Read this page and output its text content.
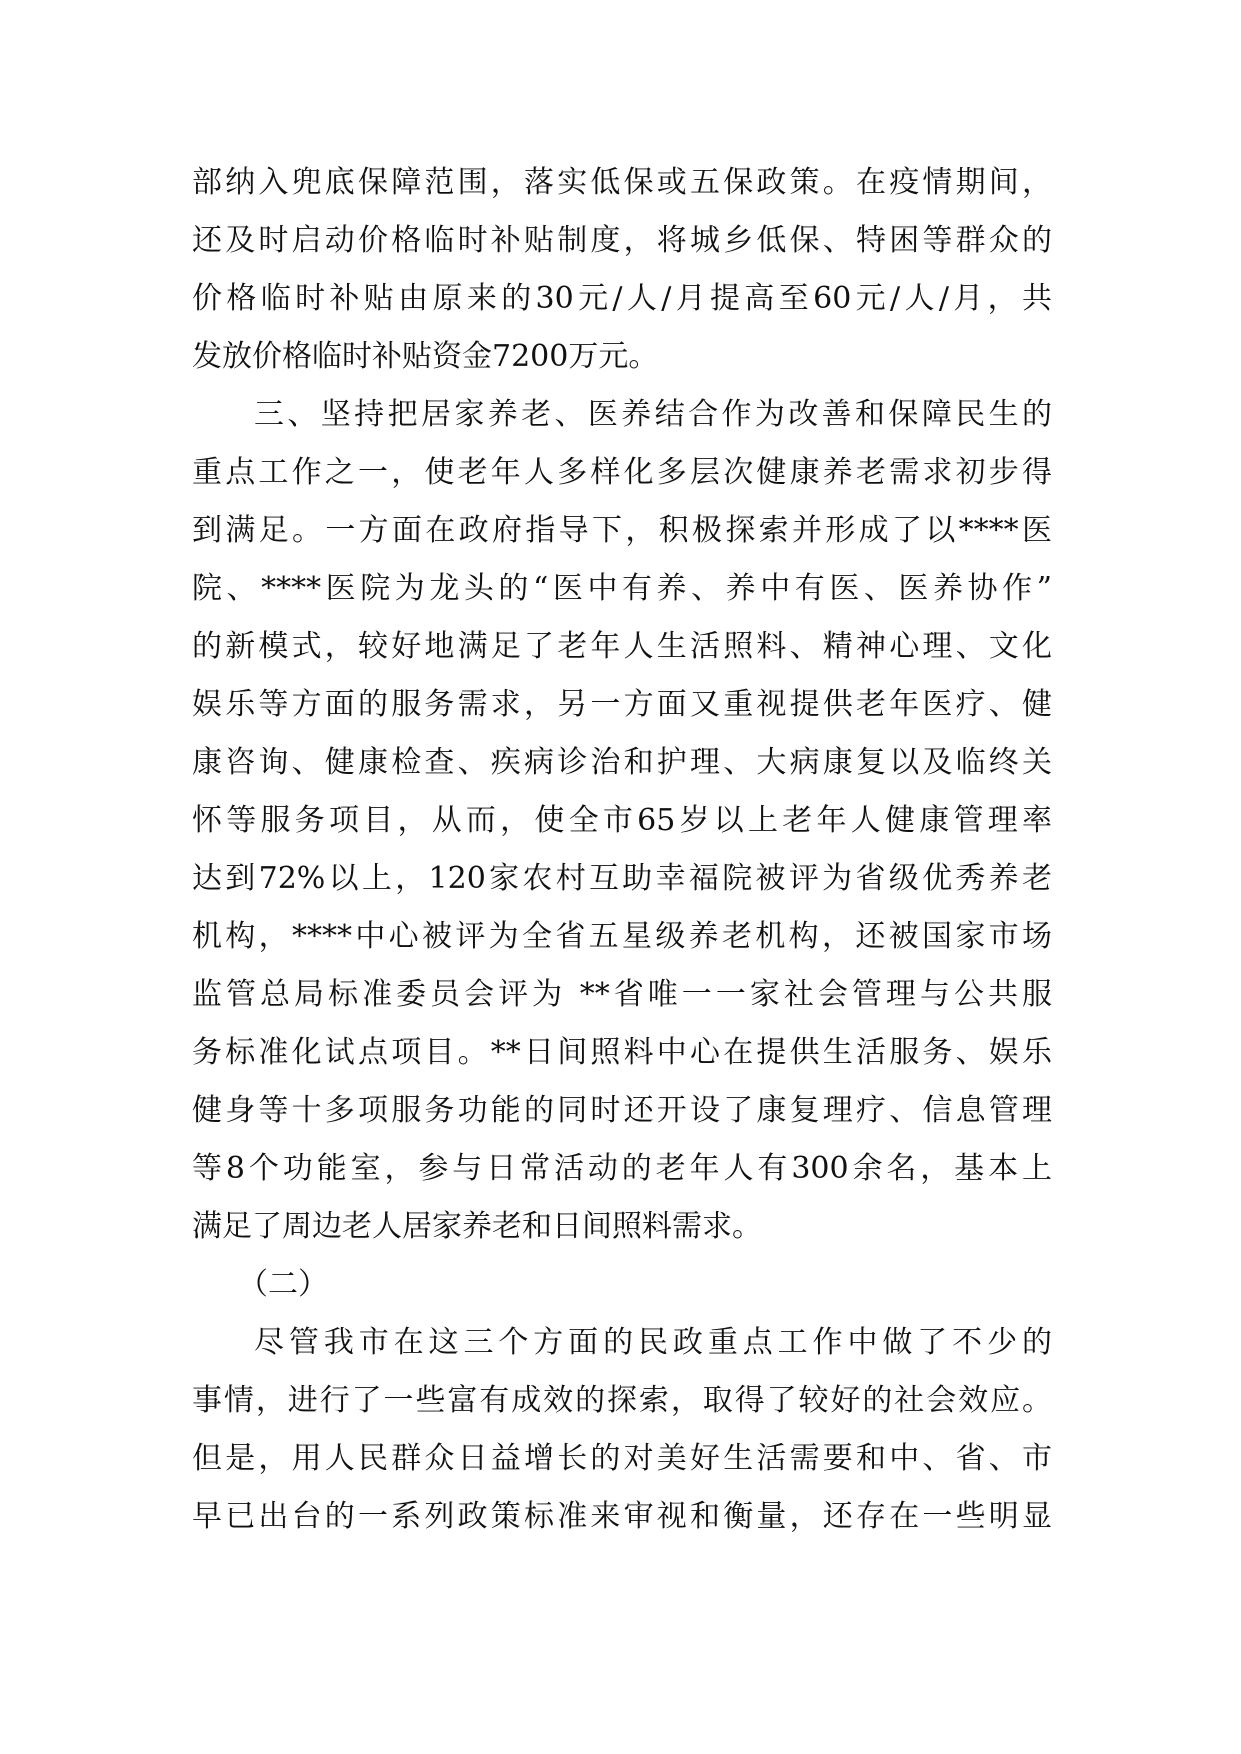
部纳入兜底保障范围，落实低保或五保政策。在疫情期间，
还及时启动价格临时补贴制度，将城乡低保、特困等群众的
价格临时补贴由原来的30元/人/月提高至60元/人/月，共
发放价格临时补贴资金7200万元。
三、坚持把居家养老、医养结合作为改善和保障民生的
重点工作之一，使老年人多样化多层次健康养老需求初步得
到满足。一方面在政府指导下，积极探索并形成了以****医
院、****医院为龙头的“医中有养、养中有医、医养协作”
的新模式，较好地满足了老年人生活照料、精神心理、文化
娱乐等方面的服务需求，另一方面又重视提供老年医疗、健
康咨询、健康检查、疾病诊治和护理、大病康复以及临终关
怀等服务项目，从而，使全市65岁以上老年人健康管理率
达到72%以上，120家农村互助幸福院被评为省级优秀养老
机构，****中心被评为全省五星级养老机构，还被国家市场
监管总局标准委员会评为 **省唯一一家社会管理与公共服
务标准化试点项目。**日间照料中心在提供生活服务、娱乐
健身等十多项服务功能的同时还开设了康复理疗、信息管理
等8个功能室，参与日常活动的老年人有300余名，基本上
满足了周边老人居家养老和日间照料需求。
（二）
尽管我市在这三个方面的民政重点工作中做了不少的
事情，进行了一些富有成效的探索，取得了较好的社会效应。
但是，用人民群众日益增长的对美好生活需要和中、省、市
早已出台的一系列政策标准来审视和衡量，还存在一些明显
